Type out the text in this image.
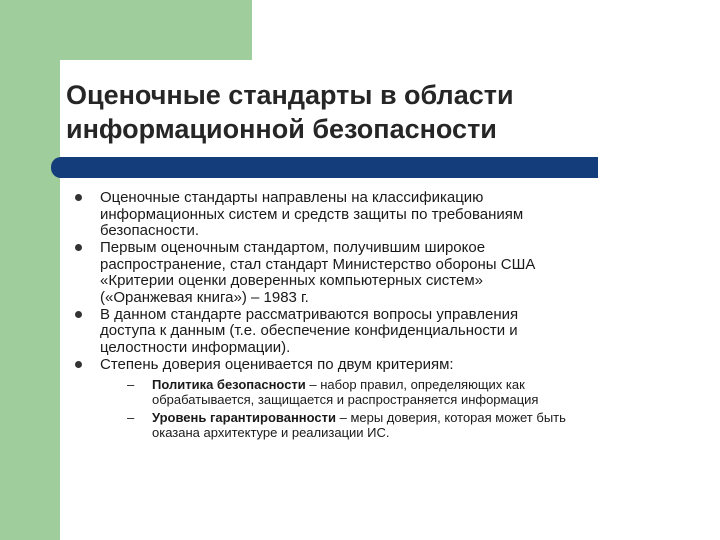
Оценочные стандарты в области
информационной безопасности
Оценочные стандарты направлены на классификацию
информационных систем и средств защиты по требованиям
безопасности.
Первым оценочным стандартом, получившим широкое
распространение, стал стандарт Министерство обороны США
«Критерии оценки доверенных компьютерных систем»
(«Оранжевая книга») – 1983 г.
В данном стандарте рассматриваются вопросы управления
доступа к данным (т.е. обеспечение конфиденциальности и
целостности информации).
Степень доверия оценивается по двум критериям:
– Политика безопасности – набор правил, определяющих как
обрабатывается, защищается и распространяется информация
– Уровень гарантированности – меры доверия, которая может быть
оказана архитектуре и реализации ИС.
